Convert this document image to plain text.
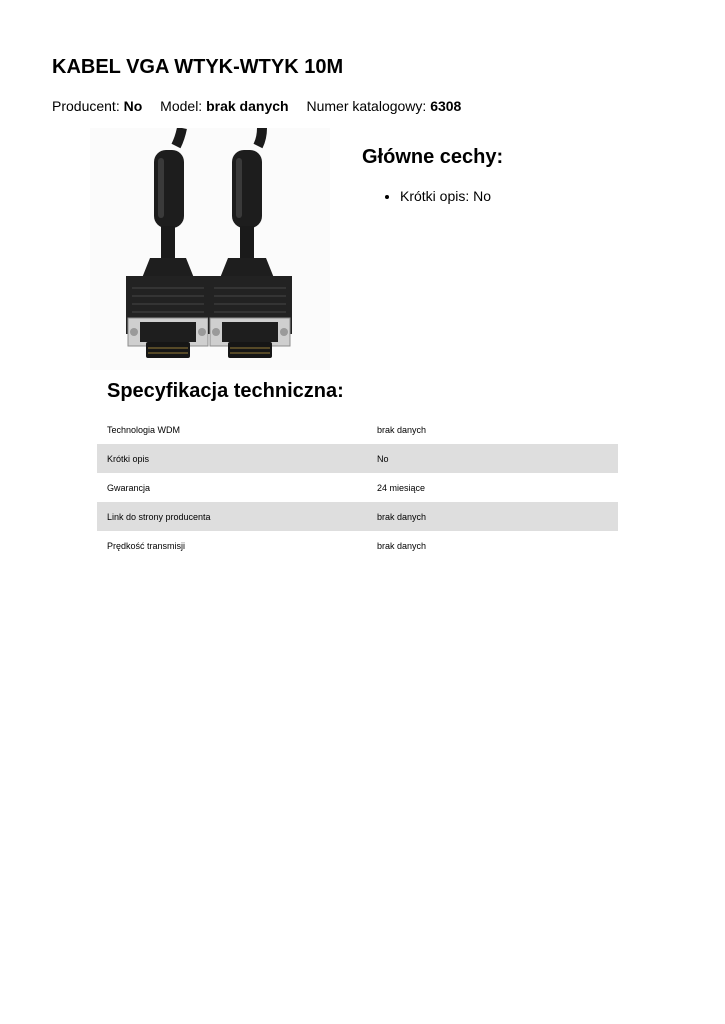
KABEL VGA WTYK-WTYK 10M
Producent: No Model: brak danych Numer katalogowy: 6308
Główne cechy:
• Krótki opis: No
Specyfikacja techniczna:
Technologia WDM	brak danych
Krótki opis	No
Gwarancja	24 miesiące
Link do strony producenta	brak danych
Prędkość transmisji	brak danych
